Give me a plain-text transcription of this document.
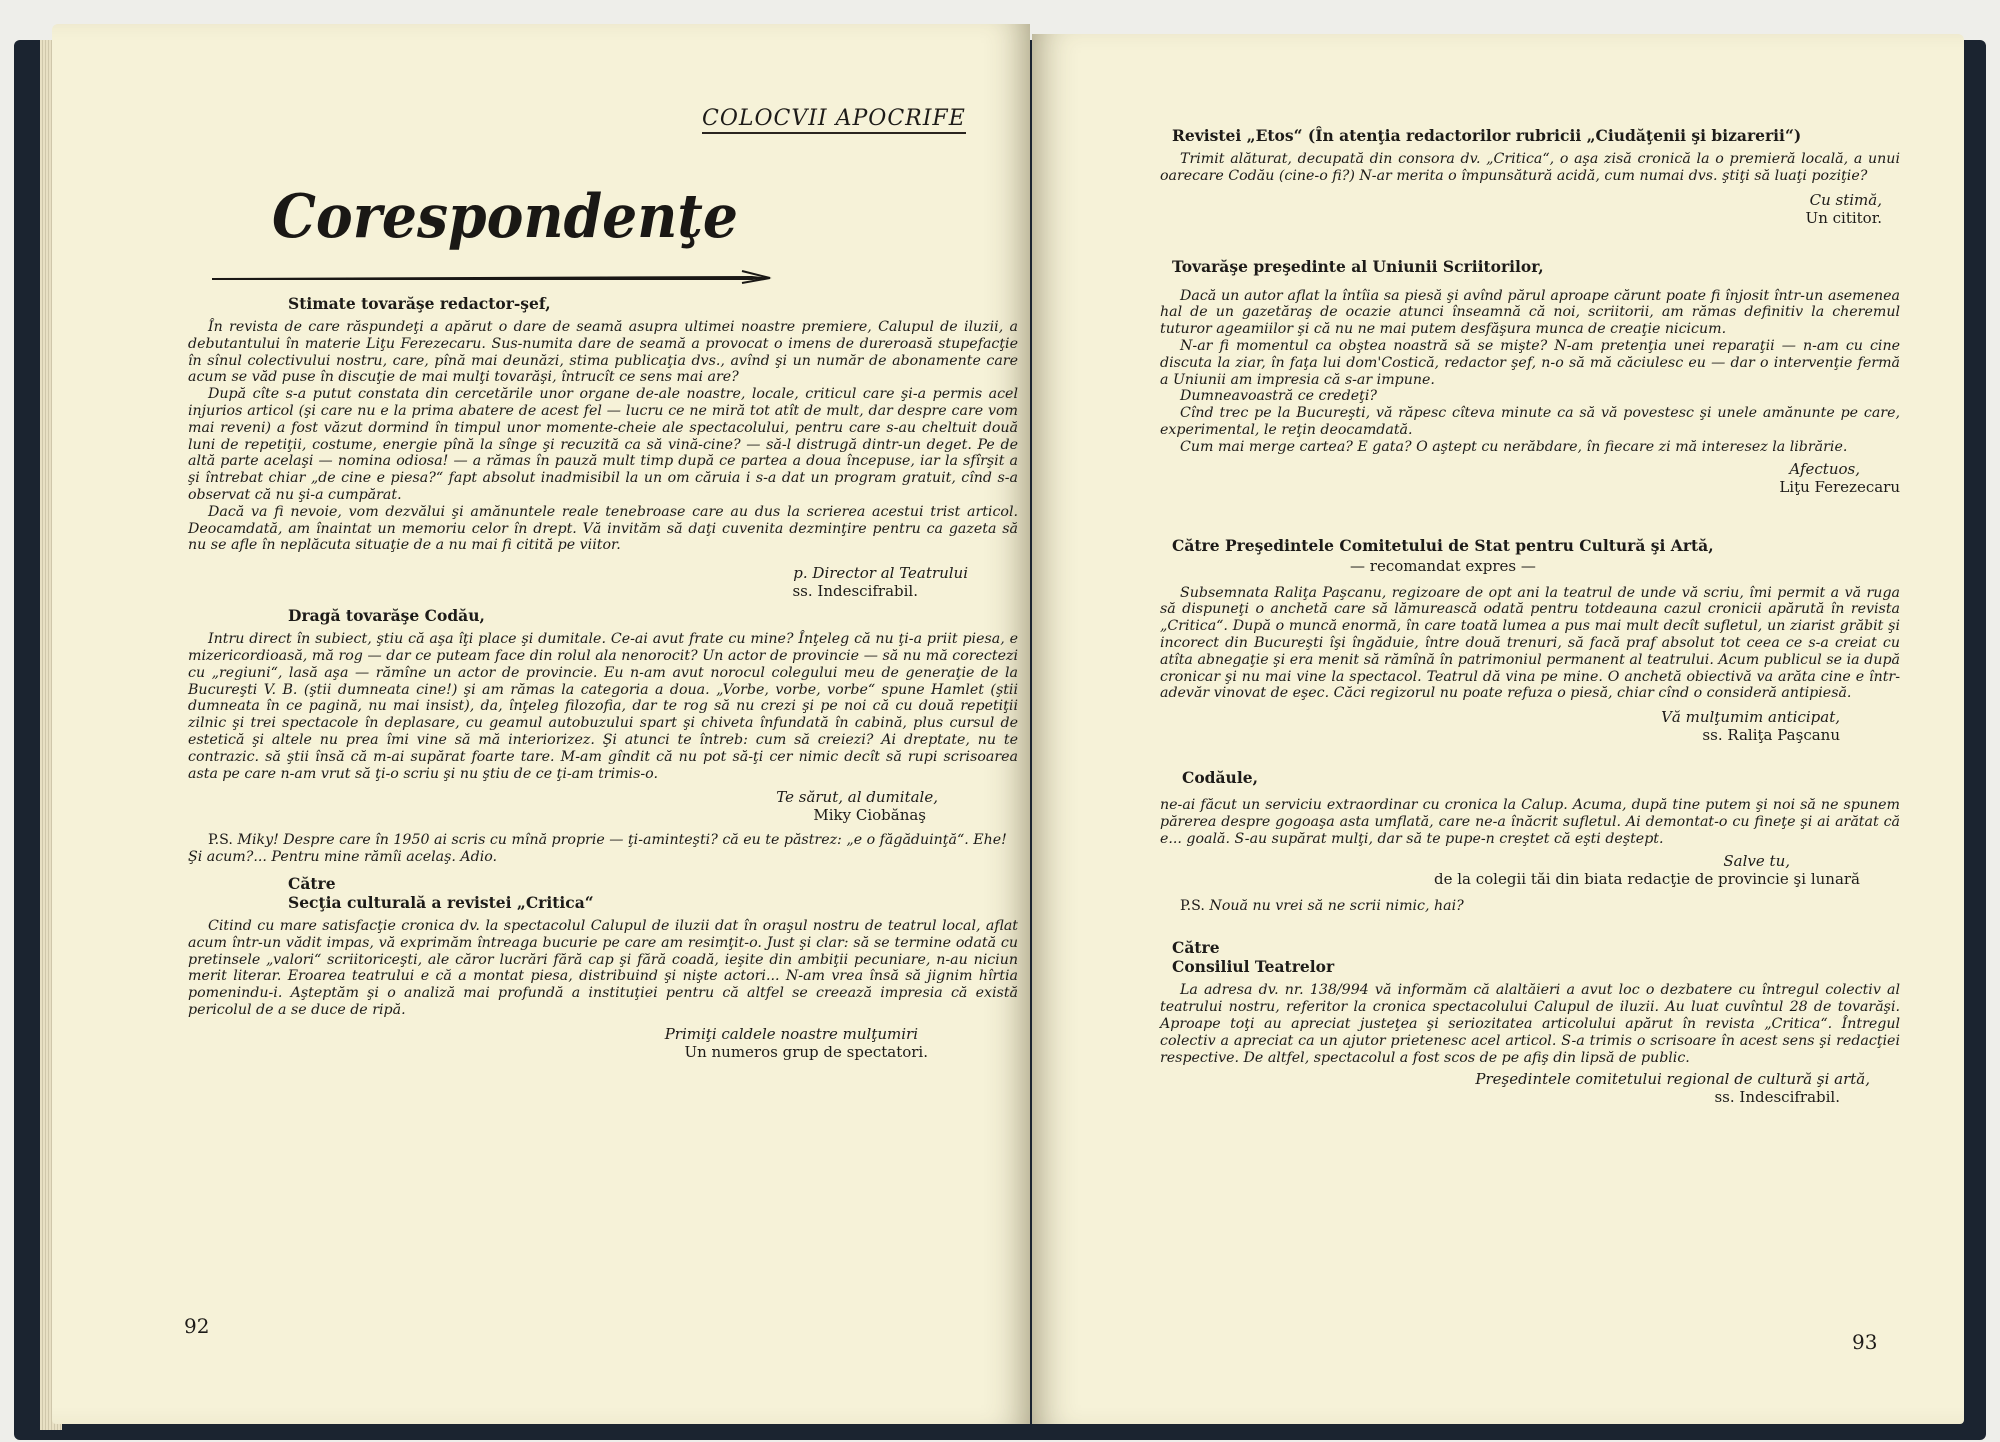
COLOCVII APOCRIFE
Corespondenţe
Stimate tovarăşe redactor-şef,

În revista de care răspundeţi a apărut o dare de seamă asupra ultimei noastre premiere, Calupul de iluzii, a debutantului în materie Liţu Ferezecaru. Sus-numita dare de seamă a provocat o imens de dureroasă stupefacţie în sînul colectivului nostru, care, pînă mai deunăzi, stima publicaţia dvs., avînd şi un număr de abonamente care acum se văd puse în discuţie de mai mulţi tovarăşi, întrucît ce sens mai are?

După cîte s-a putut constata din cercetările unor organe de-ale noastre, locale, criticul care şi-a permis acel injurios articol (şi care nu e la prima abatere de acest fel — lucru ce ne miră tot atît de mult, dar despre care vom mai reveni) a fost văzut dormind în timpul unor momente-cheie ale spectacolului, pentru care s-au cheltuit două luni de repetiţii, costume, energie pînă la sînge şi recuzită ca să vină-cine? — să-l distrugă dintr-un deget. Pe de altă parte acelaşi — nomina odiosa! — a rămas în pauză mult timp după ce partea a doua începuse, iar la sfîrşit a şi întrebat chiar „de cine e piesa?“ fapt absolut inadmisibil la un om căruia i s-a dat un program gratuit, cînd s-a observat că nu şi-a cumpărat.

Dacă va fi nevoie, vom dezvălui şi amănuntele reale tenebroase care au dus la scrierea acestui trist articol. Deocamdată, am înaintat un memoriu celor în drept. Vă invităm să daţi cuvenita dezminţire pentru ca gazeta să nu se afle în neplăcuta situaţie de a nu mai fi citită pe viitor.

p. Director al Teatrului

ss. Indescifrabil.

Dragă tovarăşe Codău,

Intru direct în subiect, ştiu că aşa îţi place şi dumitale. Ce-ai avut frate cu mine? Înţeleg că nu ţi-a priit piesa, e mizericordioasă, mă rog — dar ce puteam face din rolul ala nenorocit? Un actor de provincie — să nu mă corectezi cu „regiuni“, lasă aşa — rămîne un actor de provincie. Eu n-am avut norocul colegului meu de generaţie de la Bucureşti V. B. (ştii dumneata cine!) şi am rămas la categoria a doua. „Vorbe, vorbe, vorbe“ spune Hamlet (ştii dumneata în ce pagină, nu mai insist), da, înţeleg filozofia, dar te rog să nu crezi şi pe noi că cu două repetiţii zilnic şi trei spectacole în deplasare, cu geamul autobuzului spart şi chiveta înfundată în cabină, plus cursul de estetică şi altele nu prea îmi vine să mă interiorizez. Şi atunci te întreb: cum să creiezi? Ai dreptate, nu te contrazic. să ştii însă că m-ai supărat foarte tare. M-am gîndit că nu pot să-ţi cer nimic decît să rupi scrisoarea asta pe care n-am vrut să ţi-o scriu şi nu ştiu de ce ţi-am trimis-o.

Te sărut, al dumitale,

Miky Ciobănaş

P.S. Miky! Despre care în 1950 ai scris cu mînă proprie — ţi-aminteşti? că eu te păstrez: „e o făgăduinţă“. Ehe! Şi acum?... Pentru mine rămîi acelaş. Adio.

Către
Secţia culturală a revistei „Critica“

Citind cu mare satisfacţie cronica dv. la spectacolul Calupul de iluzii dat în oraşul nostru de teatrul local, aflat acum într-un vădit impas, vă exprimăm întreaga bucurie pe care am resimţit-o. Just şi clar: să se termine odată cu pretinsele „valori“ scriitoriceşti, ale căror lucrări fără cap şi fără coadă, ieşite din ambiţii pecuniare, n-au niciun merit literar. Eroarea teatrului e că a montat piesa, distribuind şi nişte actori... N-am vrea însă să jignim hîrtia pomenindu-i. Aşteptăm şi o analiză mai profundă a instituţiei pentru că altfel se creează impresia că există pericolul de a se duce de ripă.

Primiţi caldele noastre mulţumiri

Un numeros grup de spectatori.

92
Revistei „Etos“ (În atenţia redactorilor rubricii „Ciudăţenii şi bizarerii“)

Trimit alăturat, decupată din consora dv. „Critica“, o aşa zisă cronică la o premieră locală, a unui oarecare Codău (cine-o fi?) N-ar merita o împunsătură acidă, cum numai dvs. ştiţi să luaţi poziţie?

Cu stimă,

Un cititor.

Tovarăşe preşedinte al Uniunii Scriitorilor,

Dacă un autor aflat la întîia sa piesă şi avînd părul aproape cărunt poate fi înjosit într-un asemenea hal de un gazetăraş de ocazie atunci înseamnă că noi, scriitorii, am rămas definitiv la cheremul tuturor ageamiilor şi că nu ne mai putem desfăşura munca de creaţie nicicum.

N-ar fi momentul ca obştea noastră să se mişte? N-am pretenţia unei reparaţii — n-am cu cine discuta la ziar, în faţa lui dom'Costică, redactor şef, n-o să mă căciulesc eu — dar o intervenţie fermă a Uniunii am impresia că s-ar impune.

Dumneavoastră ce credeţi?

Cînd trec pe la Bucureşti, vă răpesc cîteva minute ca să vă povestesc şi unele amănunte pe care, experimental, le reţin deocamdată.

Cum mai merge cartea? E gata? O aştept cu nerăbdare, în fiecare zi mă interesez la librărie.

Afectuos,

Liţu Ferezecaru

Către Preşedintele Comitetului de Stat pentru Cultură şi Artă,
— recomandat expres —

Subsemnata Raliţa Paşcanu, regizoare de opt ani la teatrul de unde vă scriu, îmi permit a vă ruga să dispuneţi o anchetă care să lămurească odată pentru totdeauna cazul cronicii apărută în revista „Critica“. După o muncă enormă, în care toată lumea a pus mai mult decît sufletul, un ziarist grăbit şi incorect din Bucureşti îşi îngăduie, între două trenuri, să facă praf absolut tot ceea ce s-a creiat cu atîta abnegaţie şi era menit să rămînă în patrimoniul permanent al teatrului. Acum publicul se ia după cronicar şi nu mai vine la spectacol. Teatrul dă vina pe mine. O anchetă obiectivă va arăta cine e într-adevăr vinovat de eşec. Căci regizorul nu poate refuza o piesă, chiar cînd o consideră antipiesă.

Vă mulţumim anticipat,

ss. Raliţa Paşcanu

Codăule,

ne-ai făcut un serviciu extraordinar cu cronica la Calup. Acuma, după tine putem şi noi să ne spunem părerea despre gogoaşa asta umflată, care ne-a înăcrit sufletul. Ai demontat-o cu fineţe şi ai arătat că e... goală. S-au supărat mulţi, dar să te pupe-n creştet că eşti deştept.

Salve tu,

de la colegii tăi din biata redacţie de provincie şi lunară

P.S. Nouă nu vrei să ne scrii nimic, hai?

Către
Consiliul Teatrelor

La adresa dv. nr. 138/994 vă informăm că alaltăieri a avut loc o dezbatere cu întregul colectiv al teatrului nostru, referitor la cronica spectacolului Calupul de iluzii. Au luat cuvîntul 28 de tovarăşi. Aproape toţi au apreciat justeţea şi seriozitatea articolului apărut în revista „Critica“. Întregul colectiv a apreciat ca un ajutor prietenesc acel articol. S-a trimis o scrisoare în acest sens şi redacţiei respective. De altfel, spectacolul a fost scos de pe afiş din lipsă de public.

Preşedintele comitetului regional de cultură şi artă,

ss. Indescifrabil.

93
